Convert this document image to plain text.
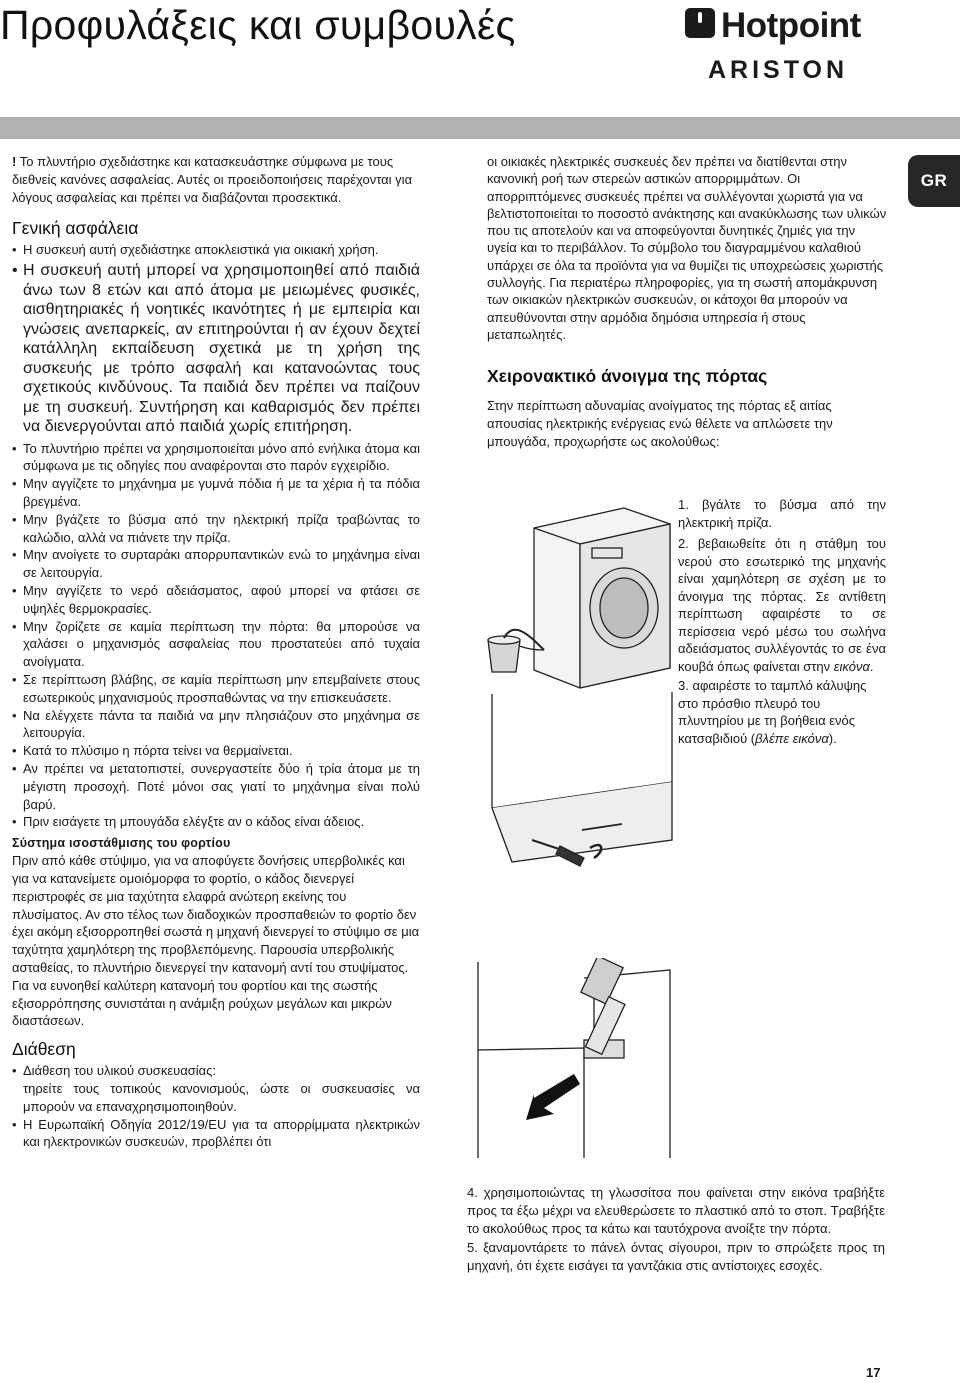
Προφυλάξεις και συμβουλές	Hotpoint
ARISTON
GR

! Το πλυντήριο σχεδιάστηκε και κατασκευάστηκε σύμφωνα με τους διεθνείς κανόνες ασφαλείας. Αυτές οι προειδοποιήσεις παρέχονται για λόγους ασφαλείας και πρέπει να διαβάζονται προσεκτικά.

Γενική ασφάλεια
• Η συσκευή αυτή σχεδιάστηκε αποκλειστικά για οικιακή χρήση.
• Η συσκευή αυτή μπορεί να χρησιμοποιηθεί από παιδιά άνω των 8 ετών και από άτομα με μειωμένες φυσικές, αισθητηριακές ή νοητικές ικανότητες ή με εμπειρία και γνώσεις ανεπαρκείς, αν επιτηρούνται ή αν έχουν δεχτεί κατάλληλη εκπαίδευση σχετικά με τη χρήση της συσκευής με τρόπο ασφαλή και κατανοώντας τους σχετικούς κινδύνους. Τα παιδιά δεν πρέπει να παίζουν με τη συσκευή. Συντήρηση και καθαρισμός δεν πρέπει να διενεργούνται από παιδιά χωρίς επιτήρηση.
• Το πλυντήριο πρέπει να χρησιμοποιείται μόνο από ενήλικα άτομα και σύμφωνα με τις οδηγίες που αναφέρονται στο παρόν εγχειρίδιο.
• Μην αγγίζετε το μηχάνημα με γυμνά πόδια ή με τα χέρια ή τα πόδια βρεγμένα.
• Μην βγάζετε το βύσμα από την ηλεκτρική πρίζα τραβώντας το καλώδιο, αλλά να πιάνετε την πρίζα.
• Μην ανοίγετε το συρταράκι απορρυπαντικών ενώ το μηχάνημα είναι σε λειτουργία.
• Μην αγγίζετε το νερό αδειάσματος, αφού μπορεί να φτάσει σε υψηλές θερμοκρασίες.
• Μην ζορίζετε σε καμία περίπτωση την πόρτα: θα μπορούσε να χαλάσει ο μηχανισμός ασφαλείας που προστατεύει από τυχαία ανοίγματα.
• Σε περίπτωση βλάβης, σε καμία περίπτωση μην επεμβαίνετε στους εσωτερικούς μηχανισμούς προσπαθώντας να την επισκευάσετε.
• Να ελέγχετε πάντα τα παιδιά να μην πλησιάζουν στο μηχάνημα σε λειτουργία.
• Κατά το πλύσιμο η πόρτα τείνει να θερμαίνεται.
• Αν πρέπει να μετατοπιστεί, συνεργαστείτε δύο ή τρία άτομα με τη μέγιστη προσοχή. Ποτέ μόνοι σας γιατί το μηχάνημα είναι πολύ βαρύ.
• Πριν εισάγετε τη μπουγάδα ελέγξτε αν ο κάδος είναι άδειος.
Σύστημα ισοστάθμισης του φορτίου

Πριν από κάθε στύψιμο, για να αποφύγετε δονήσεις υπερβολικές και για να κατανείμετε ομοιόμορφα το φορτίο, ο κάδος διενεργεί περιστροφές σε μια ταχύτητα ελαφρά ανώτερη εκείνης του πλυσίματος. Αν στο τέλος των διαδοχικών προσπαθειών το φορτίο δεν έχει ακόμη εξισορροπηθεί σωστά η μηχανή διενεργεί το στύψιμο σε μια ταχύτητα χαμηλότερη της προβλεπόμενης. Παρουσία υπερβολικής ασταθείας, το πλυντήριο διενεργεί την κατανομή αντί του στυψίματος. Για να ευνοηθεί καλύτερη κατανομή του φορτίου και της σωστής εξισορρόπησης συνιστάται η ανάμιξη ρούχων μεγάλων και μικρών διαστάσεων.

Διάθεση
• Διάθεση του υλικού συσκευασίας:
τηρείτε τους τοπικούς κανονισμούς, ώστε οι συσκευασίες να μπορούν να επαναχρησιμοποιηθούν.
• Η Ευρωπαϊκή Οδηγία 2012/19/EU για τα απορρίμματα ηλεκτρικών και ηλεκτρονικών συσκευών, προβλέπει ότι

οι οικιακές ηλεκτρικές συσκευές δεν πρέπει να διατίθενται στην κανονική ροή των στερεών αστικών απορριμμάτων. Οι απορριπτόμενες συσκευές πρέπει να συλλέγονται χωριστά για να βελτιστοποιείται το ποσοστό ανάκτησης και ανακύκλωσης των υλικών που τις αποτελούν και να αποφεύγονται δυνητικές ζημιές για την υγεία και το περιβάλλον. Το σύμβολο του διαγραμμένου καλαθιού υπάρχει σε όλα τα προϊόντα για να θυμίζει τις υποχρεώσεις χωριστής συλλογής. Για περιατέρω πληροφορίες, για τη σωστή απομάκρυνση των οικιακών ηλεκτρικών συσκευών, οι κάτοχοι θα μπορούν να απευθύνονται στην αρμόδια δημόσια υπηρεσία ή στους μεταπωλητές.

Χειρονακτικό άνοιγμα της πόρτας

Στην περίπτωση αδυναμίας ανοίγματος της πόρτας εξ αιτίας απουσίας ηλεκτρικής ενέργειας ενώ θέλετε να απλώσετε την μπουγάδα, προχωρήστε ως ακολούθως:

1. βγάλτε το βύσμα από την ηλεκτρική πρίζα.

2. βεβαιωθείτε ότι η στάθμη του νερού στο εσωτερικό της μηχανής είναι χαμηλότερη σε σχέση με το άνοιγμα της πόρτας. Σε αντίθετη περίπτωση αφαιρέστε το σε περίσσεια νερό μέσω του σωλήνα αδειάσματος συλλέγοντάς το σε ένα κουβά όπως φαίνεται στην εικόνα.

3. αφαιρέστε το ταμπλό κάλυψης στο πρόσθιο πλευρό του πλυντηρίου με τη βοήθεια ενός κατσαβιδιού (βλέπε εικόνα).

4. χρησιμοποιώντας τη γλωσσίτσα που φαίνεται στην εικόνα τραβήξτε προς τα έξω μέχρι να ελευθερώσετε το πλαστικό από το στοπ. Τραβήξτε το ακολούθως προς τα κάτω και ταυτόχρονα ανοίξτε την πόρτα.

5. ξαναμοντάρετε το πάνελ όντας σίγουροι, πριν το σπρώξετε προς τη μηχανή, ότι έχετε εισάγει τα γαντζάκια στις αντίστοιχες εσοχές.

17
